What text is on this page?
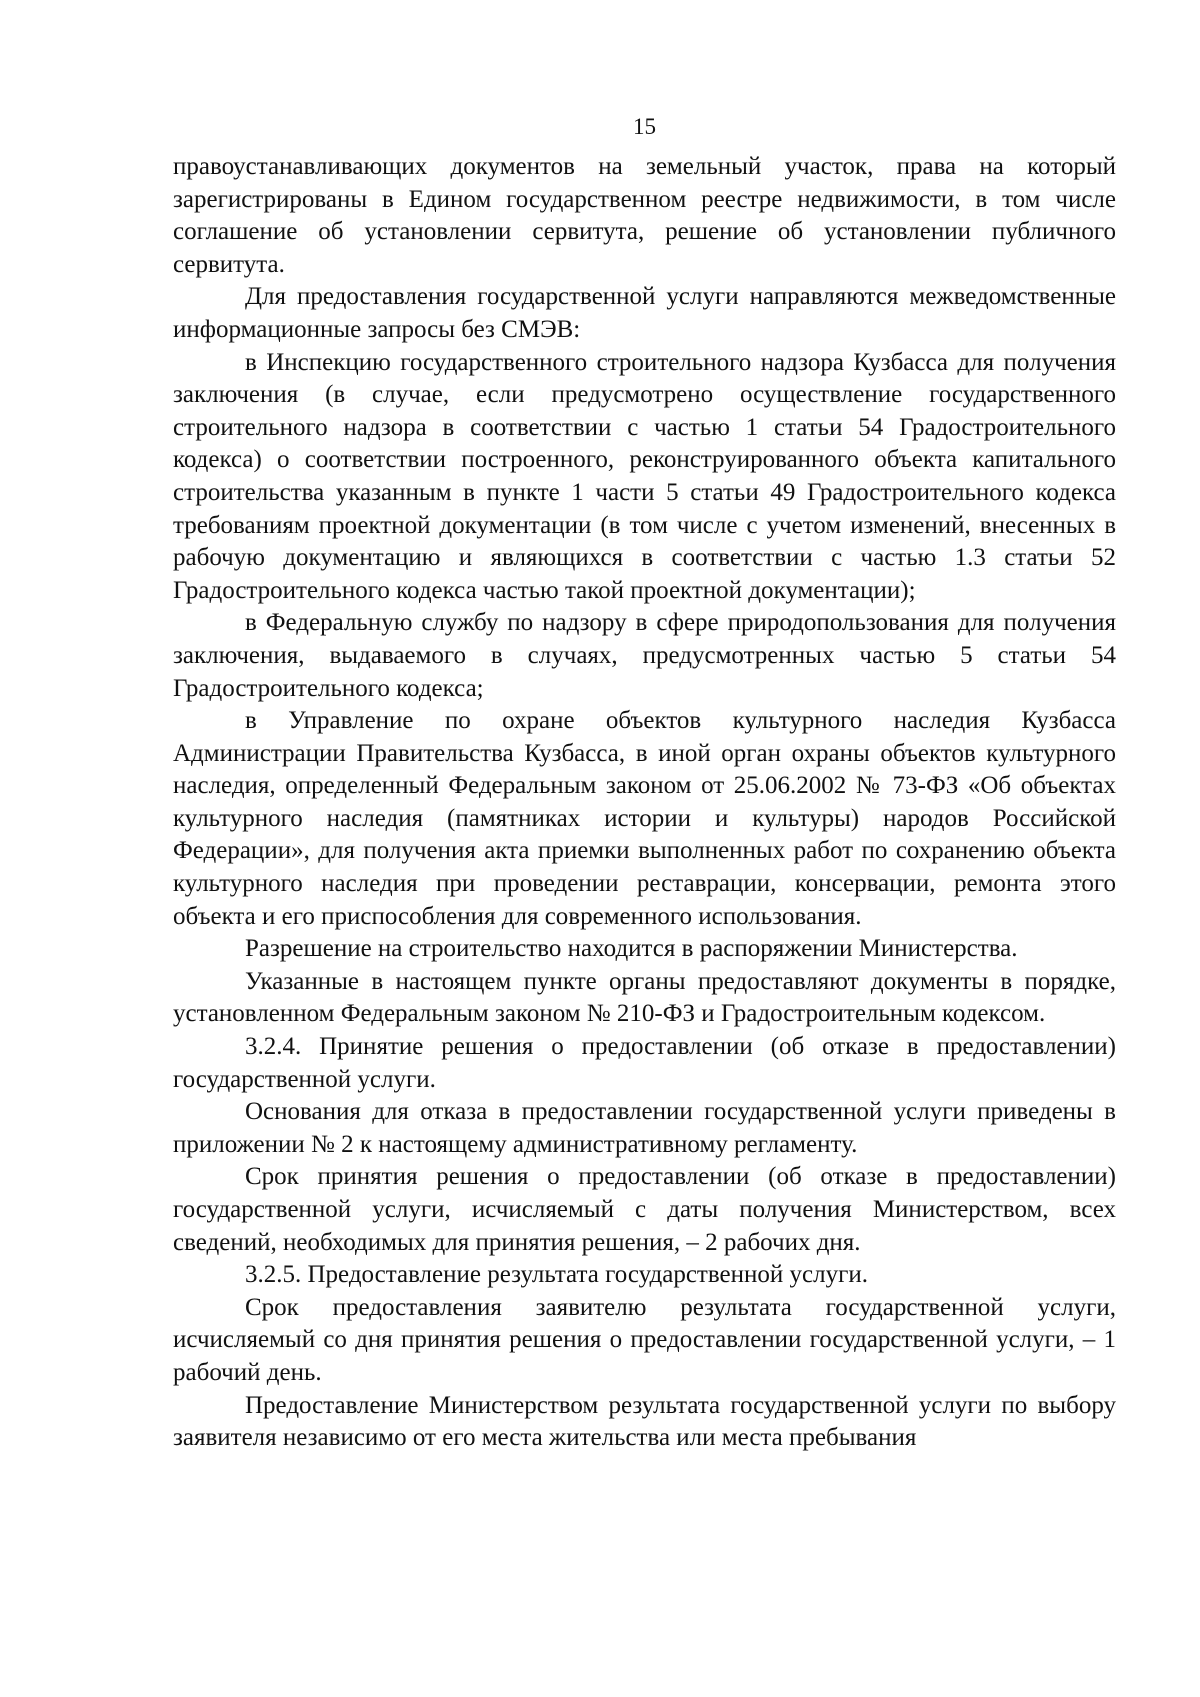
15

правоустанавливающих документов на земельный участок, права на который зарегистрированы в Едином государственном реестре недвижимости, в том числе соглашение об установлении сервитута, решение об установлении публичного сервитута.

Для предоставления государственной услуги направляются межведомственные информационные запросы без СМЭВ:

в Инспекцию государственного строительного надзора Кузбасса для получения заключения (в случае, если предусмотрено осуществление государственного строительного надзора в соответствии с частью 1 статьи 54 Градостроительного кодекса) о соответствии построенного, реконструированного объекта капитального строительства указанным в пункте 1 части 5 статьи 49 Градостроительного кодекса требованиям проектной документации (в том числе с учетом изменений, внесенных в рабочую документацию и являющихся в соответствии с частью 1.3 статьи 52 Градостроительного кодекса частью такой проектной документации);

в Федеральную службу по надзору в сфере природопользования для получения заключения, выдаваемого в случаях, предусмотренных частью 5 статьи 54 Градостроительного кодекса;

в Управление по охране объектов культурного наследия Кузбасса Администрации Правительства Кузбасса, в иной орган охраны объектов культурного наследия, определенный Федеральным законом от 25.06.2002 № 73-ФЗ «Об объектах культурного наследия (памятниках истории и культуры) народов Российской Федерации», для получения акта приемки выполненных работ по сохранению объекта культурного наследия при проведении реставрации, консервации, ремонта этого объекта и его приспособления для современного использования.

Разрешение на строительство находится в распоряжении Министерства.

Указанные в настоящем пункте органы предоставляют документы в порядке, установленном Федеральным законом № 210-ФЗ и Градостроительным кодексом.

3.2.4. Принятие решения о предоставлении (об отказе в предоставлении) государственной услуги.

Основания для отказа в предоставлении государственной услуги приведены в приложении № 2 к настоящему административному регламенту.

Срок принятия решения о предоставлении (об отказе в предоставлении) государственной услуги, исчисляемый с даты получения Министерством, всех сведений, необходимых для принятия решения, – 2 рабочих дня.

3.2.5. Предоставление результата государственной услуги.

Срок предоставления заявителю результата государственной услуги, исчисляемый со дня принятия решения о предоставлении государственной услуги, – 1 рабочий день.

Предоставление Министерством результата государственной услуги по выбору заявителя независимо от его места жительства или места пребывания
